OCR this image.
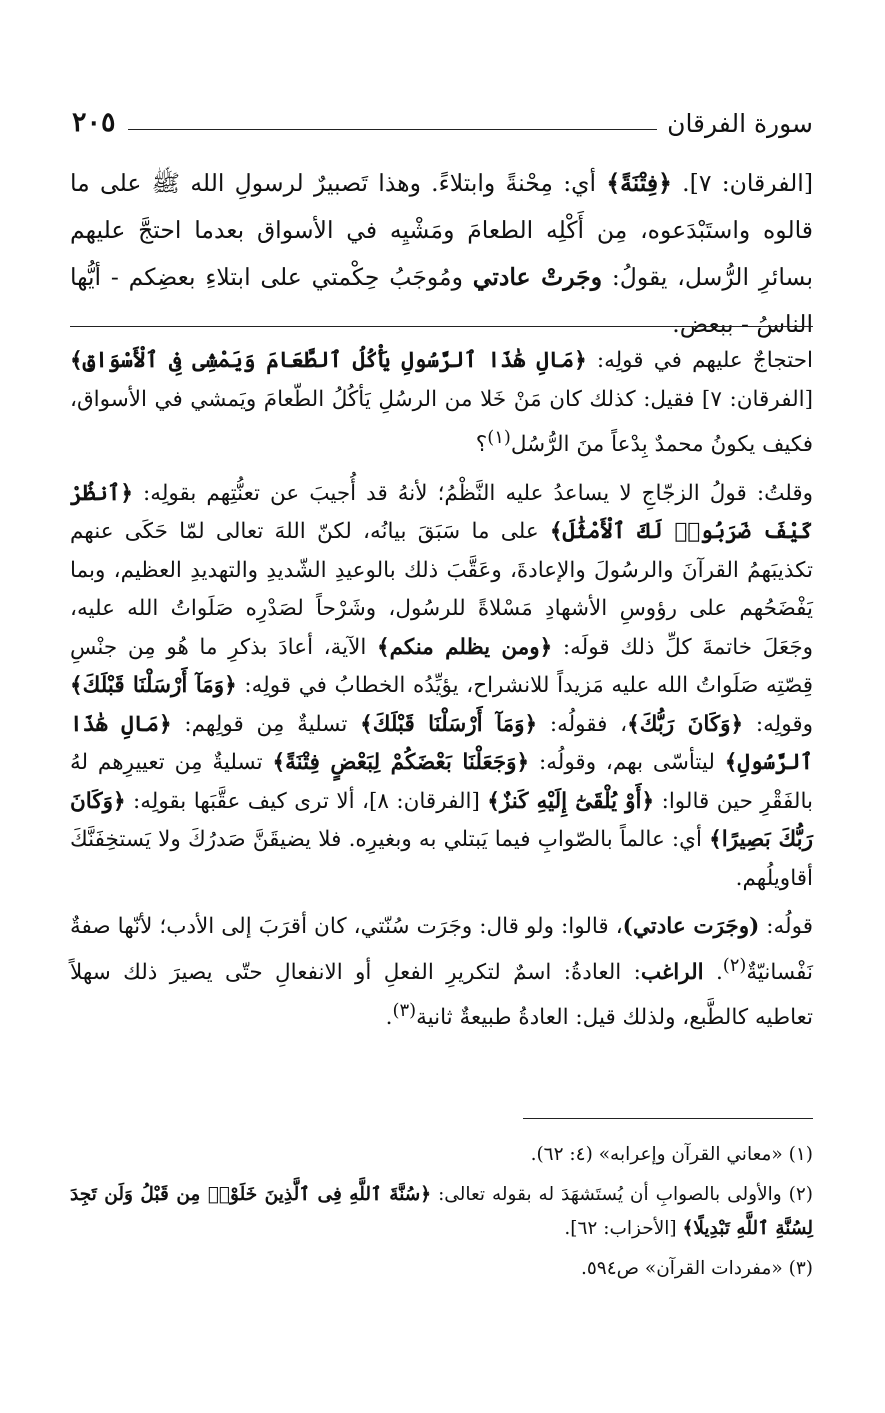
سورة الفرقان
٢٠٥

[الفرقان: ٧]. ﴿فِتْنَةً﴾ أي: مِحْنةً وابتلاءً. وهذا تَصبيرٌ لرسولِ الله ﷺ على ما قالوه واستَبْدَعوه، مِن أَكْلِه الطعامَ ومَشْيِه في الأسواق بعدما احتجَّ عليهم بسائرِ الرُّسل، يقولُ: وجَرتْ عادتي ومُوجَبُ حِكْمتي على ابتلاءِ بعضِكم - أيُّها الناسُ - ببعض.

احتجاجٌ عليهم في قولِه: ﴿مَالِ هَٰذَا ٱلرَّسُولِ يَأْكُلُ ٱلطَّعَامَ وَيَمْشِى فِى ٱلْأَسْوَاقِ﴾ [الفرقان: ٧] فقيل: كذلك كان مَنْ خَلا من الرسُلِ يَأكُلُ الطّعامَ ويَمشي في الأسواق، فكيف يكونُ محمدٌ بِدْعاً منَ الرُّسُل$^{(١)}$؟

وقلتُ: قولُ الزجّاجِ لا يساعدُ عليه النَّظْمُ؛ لأنهُ قد أُجيبَ عن تعنُّتِهم بقولِه: ﴿ٱنظُرْ كَيْفَ ضَرَبُوا۟ لَكَ ٱلْأَمْثَٰلَ﴾ على ما سَبَقَ بيانُه، لكنّ اللهَ تعالى لمّا حَكَى عنهم تكذيبَهمُ القرآنَ والرسُولَ والإعادةَ، وعَقَّبَ ذلك بالوعيدِ الشّديدِ والتهديدِ العظيم، وبما يَفْضَحُهم على رؤوسِ الأشهادِ مَسْلاةً للرسُول، وشَرْحاً لصَدْرِه صَلَواتُ الله عليه، وجَعَلَ خاتمةَ كلِّ ذلك قولَه: ﴿ومن يظلم منكم﴾ الآية، أعادَ بذكرِ ما هُو مِن جنْسِ قِصّتِه صَلَواتُ الله عليه مَزيداً للانشراح، يؤيِّدُه الخطابُ في قولِه: ﴿وَمَآ أَرْسَلْنَا قَبْلَكَ﴾ وقولِه: ﴿وَكَانَ رَبُّكَ﴾، فقولُه: ﴿وَمَآ أَرْسَلْنَا قَبْلَكَ﴾ تسليةٌ مِن قولِهم: ﴿مَالِ هَٰذَا ٱلرَّسُولِ﴾ ليتأسّى بهم، وقولُه: ﴿وَجَعَلْنَا بَعْضَكُمْ لِبَعْضٍ فِتْنَةً﴾ تسليةٌ مِن تعييرِهم لهُ بالفَقْرِ حين قالوا: ﴿أَوْ يُلْقَىٰٓ إِلَيْهِ كَنزٌ﴾ [الفرقان: ٨]، ألا ترى كيف عقَّبَها بقولِه: ﴿وَكَانَ رَبُّكَ بَصِيرًا﴾ أي: عالماً بالصّوابِ فيما يَبتلي به وبغيرِه. فلا يضيقَنَّ صَدرُكَ ولا يَستخِفَنَّكَ أقاويلُهم.

قولُه: (وجَرَت عادتي)، قالوا: ولو قال: وجَرَت سُنّتي، كان أقرَبَ إلى الأدب؛ لأنّها صفةٌ نَفْسانيّةٌ$^{(٢)}$. الراغب: العادةُ: اسمٌ لتكريرِ الفعلِ أو الانفعالِ حتّى يصيرَ ذلك سهلاً تعاطيه كالطَّبع، ولذلك قيل: العادةُ طبيعةٌ ثانية$^{(٣)}$.

(١) «معاني القرآن وإعرابه» (٤: ٦٢).

(٢) والأولى بالصوابِ أن يُستَشهَدَ له بقوله تعالى: ﴿سُنَّةَ ٱللَّهِ فِى ٱلَّذِينَ خَلَوْا۟ مِن قَبْلُ وَلَن تَجِدَ لِسُنَّةِ ٱللَّهِ تَبْدِيلًا﴾ [الأحزاب: ٦٢].

(٣) «مفردات القرآن» ص٥٩٤.
